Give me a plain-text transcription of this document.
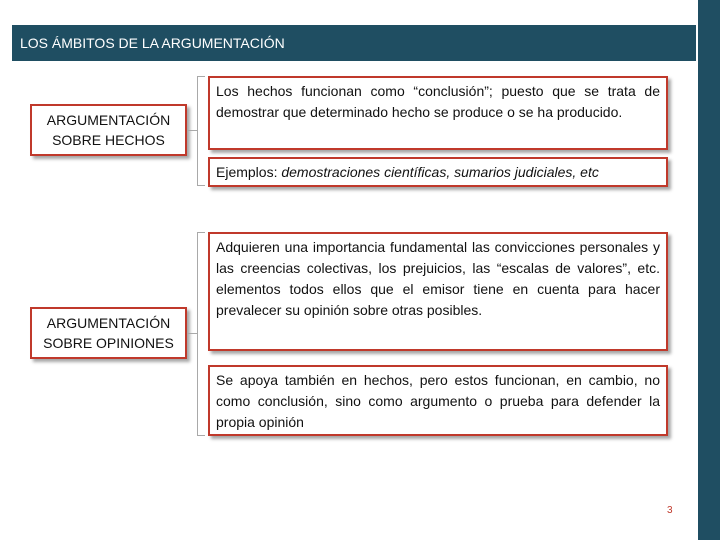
LOS ÁMBITOS DE LA ARGUMENTACIÓN
ARGUMENTACIÓN
SOBRE HECHOS
Los hechos funcionan como “conclusión”; puesto que se trata de demostrar que determinado hecho se produce o se ha producido.
Ejemplos: demostraciones científicas, sumarios judiciales, etc
ARGUMENTACIÓN
SOBRE OPINIONES
Adquieren una importancia fundamental las convicciones personales y las creencias colectivas, los prejuicios, las “escalas de valores”, etc. elementos todos ellos que el emisor tiene en cuenta para hacer prevalecer su opinión sobre otras posibles.
Se apoya también en hechos, pero estos funcionan, en cambio, no como conclusión, sino como argumento o prueba para defender la propia opinión
3
